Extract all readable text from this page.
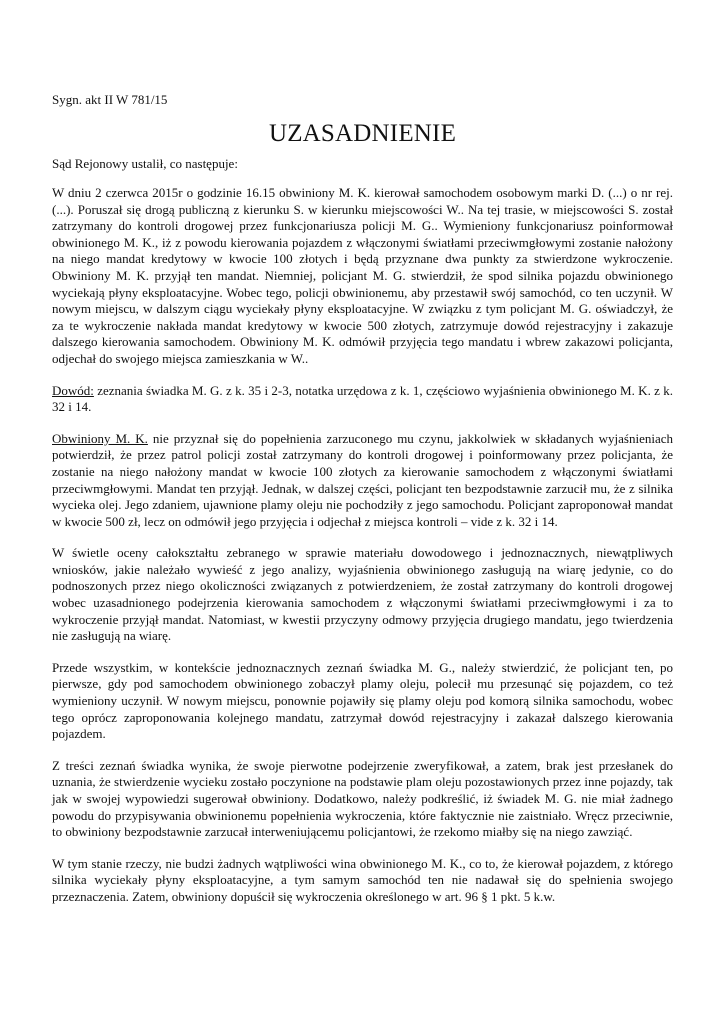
Sygn. akt II W 781/15

UZASADNIENIE

Sąd Rejonowy ustalił, co następuje:

W dniu 2 czerwca 2015r o godzinie 16.15 obwiniony M. K. kierował samochodem osobowym marki D. (...) o nr rej. (...). Poruszał się drogą publiczną z kierunku S. w kierunku miejscowości W.. Na tej trasie, w miejscowości S. został zatrzymany do kontroli drogowej przez funkcjonariusza policji M. G.. Wymieniony funkcjonariusz poinformował obwinionego M. K., iż z powodu kierowania pojazdem z włączonymi światłami przeciwmgłowymi zostanie nałożony na niego mandat kredytowy w kwocie 100 złotych i będą przyznane dwa punkty za stwierdzone wykroczenie. Obwiniony M. K. przyjął ten mandat. Niemniej, policjant M. G. stwierdził, że spod silnika pojazdu obwinionego wyciekają płyny eksploatacyjne. Wobec tego, policji obwinionemu, aby przestawił swój samochód, co ten uczynił. W nowym miejscu, w dalszym ciągu wyciekały płyny eksploatacyjne. W związku z tym policjant M. G. oświadczył, że za te wykroczenie nakłada mandat kredytowy w kwocie 500 złotych, zatrzymuje dowód rejestracyjny i zakazuje dalszego kierowania samochodem. Obwiniony M. K. odmówił przyjęcia tego mandatu i wbrew zakazowi policjanta, odjechał do swojego miejsca zamieszkania w W..

Dowód: zeznania świadka M. G. z k. 35 i 2-3, notatka urzędowa z k. 1, częściowo wyjaśnienia obwinionego M. K. z k. 32 i 14.

Obwiniony M. K. nie przyznał się do popełnienia zarzuconego mu czynu, jakkolwiek w składanych wyjaśnieniach potwierdził, że przez patrol policji został zatrzymany do kontroli drogowej i poinformowany przez policjanta, że zostanie na niego nałożony mandat w kwocie 100 złotych za kierowanie samochodem z włączonymi światłami przeciwmgłowymi. Mandat ten przyjął. Jednak, w dalszej części, policjant ten bezpodstawnie zarzucił mu, że z silnika wycieka olej. Jego zdaniem, ujawnione plamy oleju nie pochodziły z jego samochodu. Policjant zaproponował mandat w kwocie 500 zł, lecz on odmówił jego przyjęcia i odjechał z miejsca kontroli – vide z k. 32 i 14.

W świetle oceny całokształtu zebranego w sprawie materiału dowodowego i jednoznacznych, niewątpliwych wniosków, jakie należało wywieść z jego analizy, wyjaśnienia obwinionego zasługują na wiarę jedynie, co do podnoszonych przez niego okoliczności związanych z potwierdzeniem, że został zatrzymany do kontroli drogowej wobec uzasadnionego podejrzenia kierowania samochodem z włączonymi światłami przeciwmgłowymi i za to wykroczenie przyjął mandat. Natomiast, w kwestii przyczyny odmowy przyjęcia drugiego mandatu, jego twierdzenia nie zasługują na wiarę.

Przede wszystkim, w kontekście jednoznacznych zeznań świadka M. G., należy stwierdzić, że policjant ten, po pierwsze, gdy pod samochodem obwinionego zobaczył plamy oleju, polecił mu przesunąć się pojazdem, co też wymieniony uczynił. W nowym miejscu, ponownie pojawiły się plamy oleju pod komorą silnika samochodu, wobec tego oprócz zaproponowania kolejnego mandatu, zatrzymał dowód rejestracyjny i zakazał dalszego kierowania pojazdem.

Z treści zeznań świadka wynika, że swoje pierwotne podejrzenie zweryfikował, a zatem, brak jest przesłanek do uznania, że stwierdzenie wycieku zostało poczynione na podstawie plam oleju pozostawionych przez inne pojazdy, tak jak w swojej wypowiedzi sugerował obwiniony. Dodatkowo, należy podkreślić, iż świadek M. G. nie miał żadnego powodu do przypisywania obwinionemu popełnienia wykroczenia, które faktycznie nie zaistniało. Wręcz przeciwnie, to obwiniony bezpodstawnie zarzucał interweniującemu policjantowi, że rzekomo miałby się na niego zawziąć.

W tym stanie rzeczy, nie budzi żadnych wątpliwości wina obwinionego M. K., co to, że kierował pojazdem, z którego silnika wyciekały płyny eksploatacyjne, a tym samym samochód ten nie nadawał się do spełnienia swojego przeznaczenia. Zatem, obwiniony dopuścił się wykroczenia określonego w art. 96 § 1 pkt. 5 k.w.
